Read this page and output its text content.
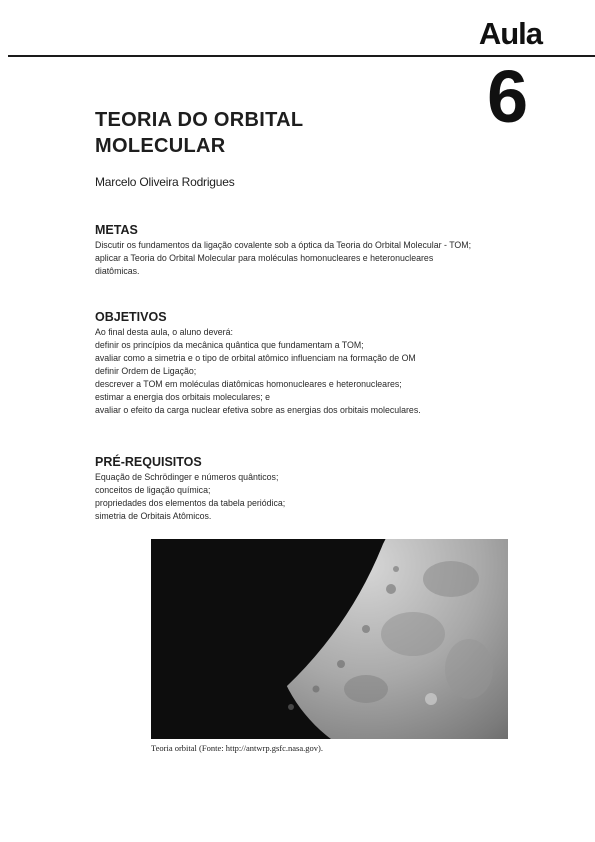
Aula
6
TEORIA DO ORBITAL
MOLECULAR
Marcelo Oliveira Rodrigues
METAS
Discutir os fundamentos da ligação covalente sob a óptica da Teoria do Orbital Molecular - TOM;
aplicar a Teoria do Orbital Molecular para moléculas homonucleares e heteronucleares
diatômicas.
OBJETIVOS
Ao final desta aula, o aluno deverá:
definir os princípios da mecânica quântica que fundamentam a TOM;
avaliar como a simetria e o tipo de orbital atômico influenciam na formação de OM
definir Ordem de Ligação;
descrever a TOM em moléculas diatômicas homonucleares e heteronucleares;
estimar a energia dos orbitais moleculares; e
avaliar o efeito da carga nuclear efetiva sobre as energias dos orbitais moleculares.
PRÉ-REQUISITOS
Equação de Schrödinger e números quânticos;
conceitos de ligação química;
propriedades dos elementos da tabela periódica;
simetria de Orbitais Atômicos.
Teoria orbital (Fonte: http://antwrp.gsfc.nasa.gov).
